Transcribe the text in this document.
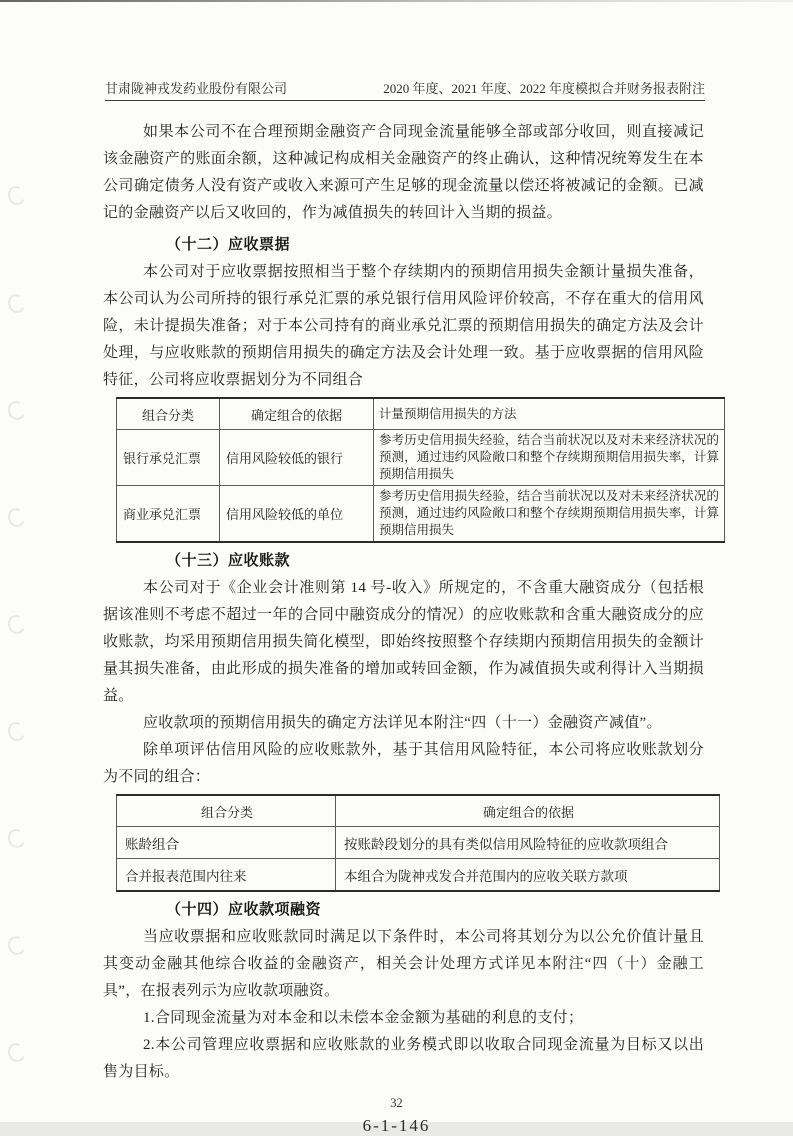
甘肃陇神戎发药业股份有限公司	2020 年度、2021 年度、2022 年度模拟合并财务报表附注

如果本公司不在合理预期金融资产合同现金流量能够全部或部分收回，则直接减记该金融资产的账面余额，这种减记构成相关金融资产的终止确认，这种情况统筹发生在本公司确定债务人没有资产或收入来源可产生足够的现金流量以偿还将被减记的金额。已减记的金融资产以后又收回的，作为减值损失的转回计入当期的损益。

（十二）应收票据

本公司对于应收票据按照相当于整个存续期内的预期信用损失金额计量损失准备，本公司认为公司所持的银行承兑汇票的承兑银行信用风险评价较高，不存在重大的信用风险，未计提损失准备；对于本公司持有的商业承兑汇票的预期信用损失的确定方法及会计处理，与应收账款的预期信用损失的确定方法及会计处理一致。基于应收票据的信用风险特征，公司将应收票据划分为不同组合

组合分类	确定组合的依据	计量预期信用损失的方法
银行承兑汇票	信用风险较低的银行	参考历史信用损失经验，结合当前状况以及对未来经济状况的预测，通过违约风险敞口和整个存续期预期信用损失率，计算预期信用损失
商业承兑汇票	信用风险较低的单位	参考历史信用损失经验，结合当前状况以及对未来经济状况的预测，通过违约风险敞口和整个存续期预期信用损失率，计算预期信用损失

（十三）应收账款

本公司对于《企业会计准则第 14 号-收入》所规定的，不含重大融资成分（包括根据该准则不考虑不超过一年的合同中融资成分的情况）的应收账款和含重大融资成分的应收账款，均采用预期信用损失简化模型，即始终按照整个存续期内预期信用损失的金额计量其损失准备，由此形成的损失准备的增加或转回金额，作为减值损失或利得计入当期损益。

应收款项的预期信用损失的确定方法详见本附注“四（十一）金融资产减值”。

除单项评估信用风险的应收账款外，基于其信用风险特征，本公司将应收账款划分为不同的组合：

组合分类	确定组合的依据
账龄组合	按账龄段划分的具有类似信用风险特征的应收款项组合
合并报表范围内往来	本组合为陇神戎发合并范围内的应收关联方款项

（十四）应收款项融资

当应收票据和应收账款同时满足以下条件时，本公司将其划分为以公允价值计量且其变动金融其他综合收益的金融资产，相关会计处理方式详见本附注“四（十）金融工具”，在报表列示为应收款项融资。

1.合同现金流量为对本金和以未偿本金金额为基础的利息的支付；

2.本公司管理应收票据和应收账款的业务模式即以收取合同现金流量为目标又以出售为目标。

32
6-1-146
